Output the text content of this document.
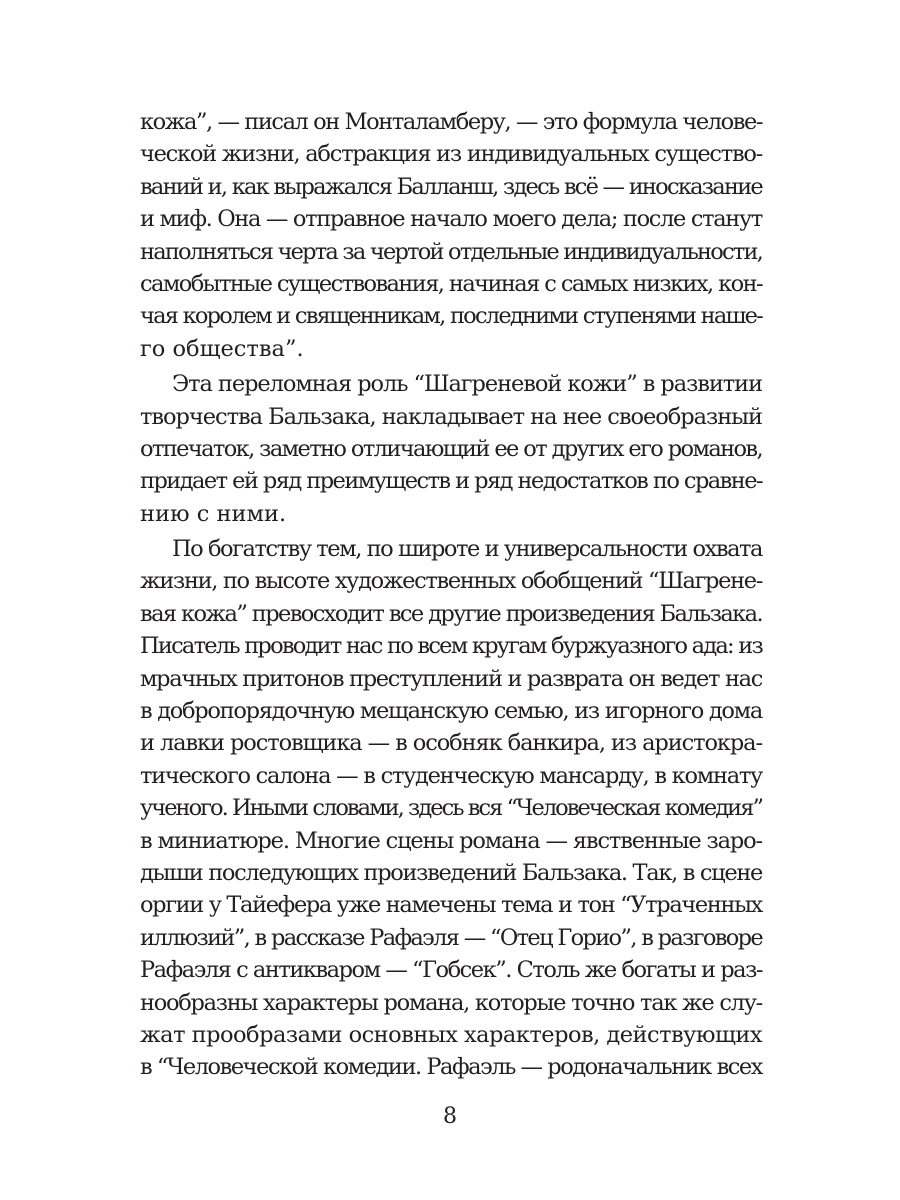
кожа”, — писал он Монталамберу, — это формула челове-
ческой жизни, абстракция из индивидуальных существо-
ваний и, как выражался Балланш, здесь всё — иносказание
и миф. Она — отправное начало моего дела; после станут
наполняться черта за чертой отдельные индивидуальности,
самобытные существования, начиная с самых низких, кон-
чая королем и священникам, последними ступенями наше-
го общества”.
Эта переломная роль “Шагреневой кожи” в развитии
творчества Бальзака, накладывает на нее своеобразный
отпечаток, заметно отличающий ее от других его романов,
придает ей ряд преимуществ и ряд недостатков по сравне-
нию с ними.
По богатству тем, по широте и универсальности охвата
жизни, по высоте художественных обобщений “Шагрене-
вая кожа” превосходит все другие произведения Бальзака.
Писатель проводит нас по всем кругам буржуазного ада: из
мрачных притонов преступлений и разврата он ведет нас
в добропорядочную мещанскую семью, из игорного дома
и лавки ростовщика — в особняк банкира, из аристокра-
тического салона — в студенческую мансарду, в комнату
ученого. Иными словами, здесь вся “Человеческая комедия”
в миниатюре. Многие сцены романа — явственные заро-
дыши последующих произведений Бальзака. Так, в сцене
оргии у Тайефера уже намечены тема и тон “Утраченных
иллюзий”, в рассказе Рафаэля — “Отец Горио”, в разговоре
Рафаэля с антикваром — “Гобсек”. Столь же богаты и раз-
нообразны характеры романа, которые точно так же слу-
жат прообразами основных характеров, действующих
в “Человеческой комедии. Рафаэль — родоначальник всех
8
